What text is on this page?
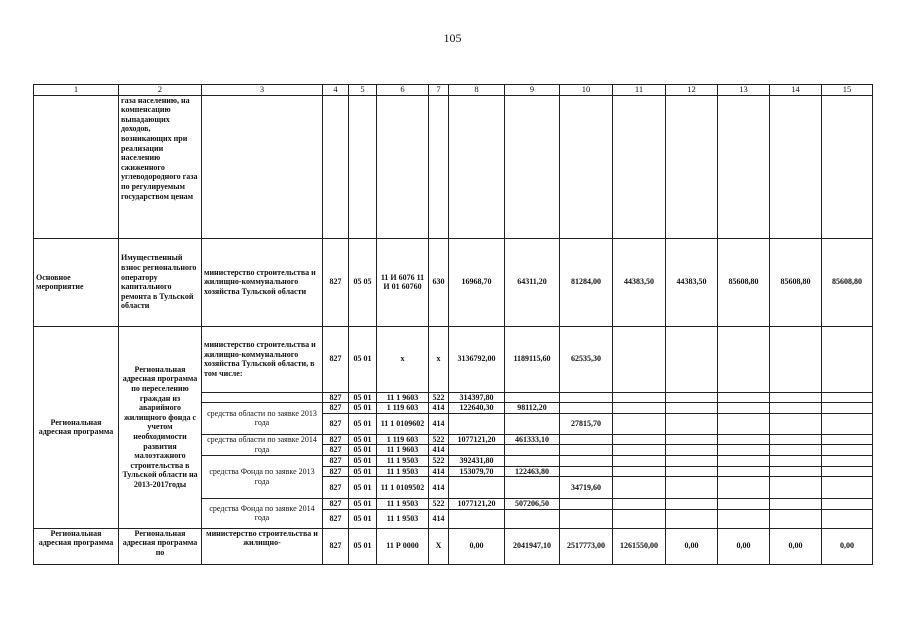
105
1	2	3	4	5	6	7	8	9	10	11	12	13	14	15
	газа населению, на компенсацию выпадающих доходов, возникающих при реализации населению сжиженного углеводородного газа по регулируемым государством ценам													
Основное мероприятие	Имущественный взнос регионального оператору капитального ремонта в Тульской области	министерство строительства и жилищно-коммунального хозяйства Тульской области	827	05 05	11 И 6076 11 И 01 60760	630	16968,70	64311,20	81284,00	44383,50	44383,50	85608,80	85608,80	85608,80
Региональная адресная программа	Региональная адресная программа по переселению граждан из аварийного жилищного фонда с учетом необходимости развития малоэтажного строительства в Тульской области на 2013-2017годы	министерство строительства и жилищно-коммунального хозяйства Тульской области, в том числе:	827	05 01	х	х	3136792,00	1189115,60	62535,30					
			827	05 01	11 1 9603	522	314397,80							
		средства области по заявке 2013 года	827	05 01	1 119 603	414	122640,30	98112,20						
			827	05 01	11 1 0109602	414			27815,70					
		средства области по заявке 2014 года	827	05 01	1 119 603	522	1077121,20	461333,10						
			827	05 01	11 1 9603	414								
		средства Фонда по заявке 2013 года	827	05 01	11 1 9503	522	392431,80							
			827	05 01	11 1 9503	414	153079,70	122463,80						
			827	05 01	11 1 0109502	414			34719,60					
		средства Фонда по заявке 2014 года	827	05 01	11 1 9503	522	1077121,20	507206,50						
			827	05 01	11 1 9503	414								
Региональная адресная программа	Региональная адресная программа по	министерство строительства и жилищно-	827	05 01	11 Р 0000	Х	0,00	2041947,10	2517773,00	1261550,00	0,00	0,00	0,00	0,00
